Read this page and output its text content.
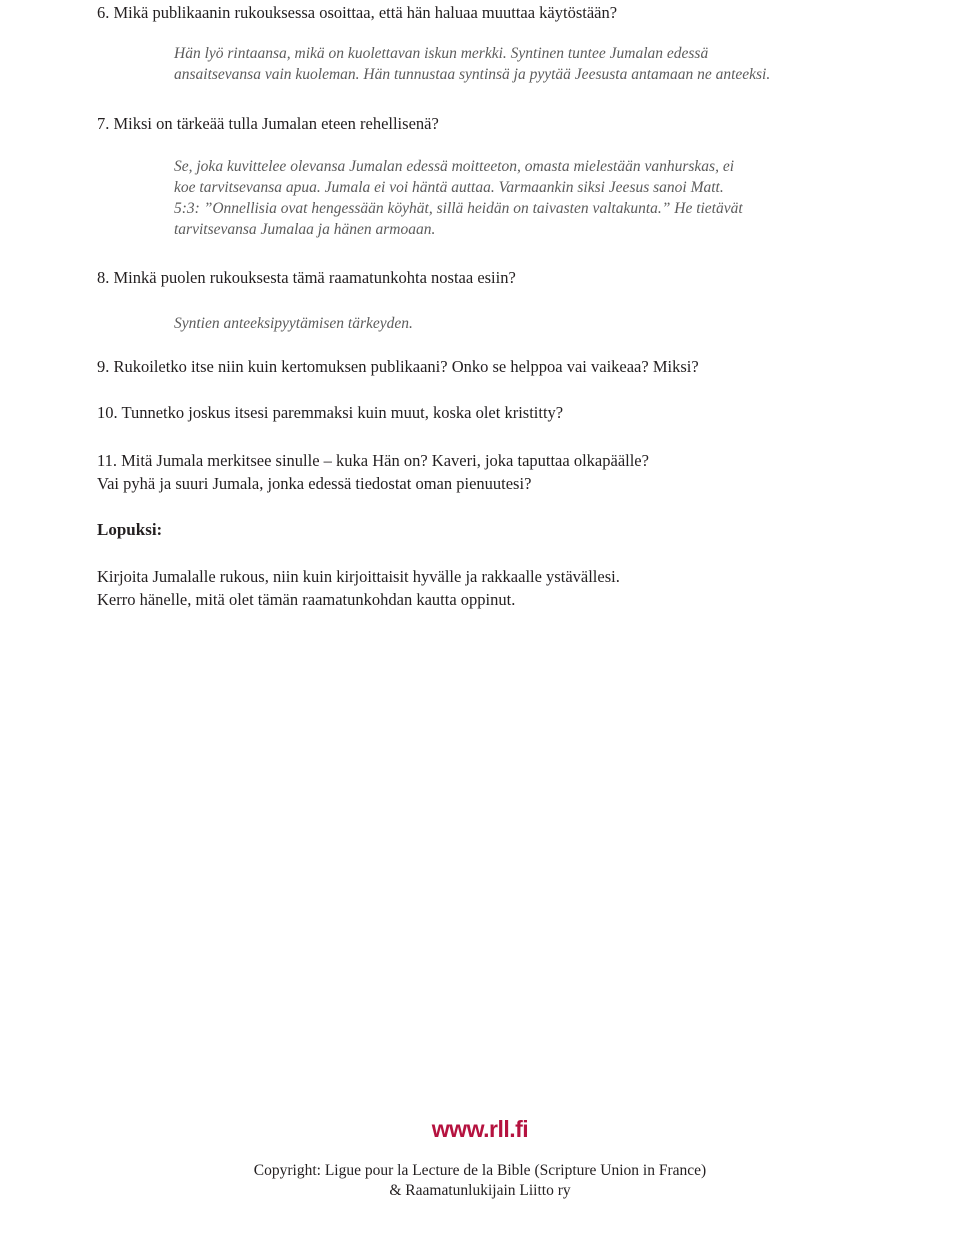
6. Mikä publikaanin rukouksessa osoittaa, että hän haluaa muuttaa käytöstään?

Hän lyö rintaansa, mikä on kuolettavan iskun merkki. Syntinen tuntee Jumalan edessä
ansaitsevansa vain kuoleman. Hän tunnustaa syntinsä ja pyytää Jeesusta antamaan ne anteeksi.

7. Miksi on tärkeää tulla Jumalan eteen rehellisenä?

Se, joka kuvittelee olevansa Jumalan edessä moitteeton, omasta mielestään vanhurskas, ei
koe tarvitsevansa apua. Jumala ei voi häntä auttaa. Varmaankin siksi Jeesus sanoi Matt.
5:3: ”Onnellisia ovat hengessään köyhät, sillä heidän on taivasten valtakunta.” He tietävät
tarvitsevansa Jumalaa ja hänen armoaan.

8. Minkä puolen rukouksesta tämä raamatunkohta nostaa esiin?

Syntien anteeksipyytämisen tärkeyden.

9. Rukoiletko itse niin kuin kertomuksen publikaani? Onko se helppoa vai vaikeaa? Miksi?

10. Tunnetko joskus itsesi paremmaksi kuin muut, koska olet kristitty?

11. Mitä Jumala merkitsee sinulle – kuka Hän on? Kaveri, joka taputtaa olkapäälle?
Vai pyhä ja suuri Jumala, jonka edessä tiedostat oman pienuutesi?

Lopuksi:

Kirjoita Jumalalle rukous, niin kuin kirjoittaisit hyvälle ja rakkaalle ystävällesi.
Kerro hänelle, mitä olet tämän raamatunkohdan kautta oppinut.
www.rll.fi
Copyright: Ligue pour la Lecture de la Bible (Scripture Union in France)
& Raamatunlukijain Liitto ry
